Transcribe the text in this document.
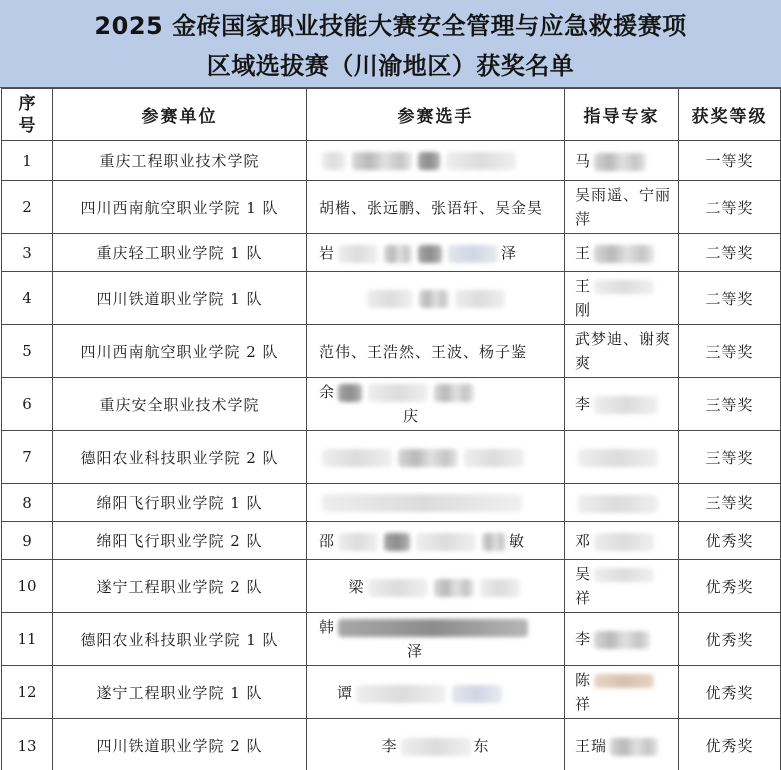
2025 金砖国家职业技能大赛安全管理与应急救援赛项
区域选拔赛（川渝地区）获奖名单
序号	参赛单位	参赛选手	指导专家	获奖等级
1	重庆工程职业技术学院		马	一等奖
2	四川西南航空职业学院 1 队	胡楷、张远鹏、张语轩、吴金昊	吴雨遥、宁丽
萍	二等奖
3	重庆轻工职业学院 1 队	岩 泽	王	二等奖
4	四川铁道职业学院 1 队		王
刚	二等奖
5	四川西南航空职业学院 2 队	范伟、王浩然、王波、杨子鉴	武梦迪、谢爽
爽	三等奖
6	重庆安全职业技术学院	余
庆	李	三等奖
7	德阳农业科技职业学院 2 队			三等奖
8	绵阳飞行职业学院 1 队			三等奖
9	绵阳飞行职业学院 2 队	邵 敏	邓	优秀奖
10	遂宁工程职业学院 2 队	梁	吴
祥	优秀奖
11	德阳农业科技职业学院 1 队	韩
泽	李	优秀奖
12	遂宁工程职业学院 1 队	谭	陈
祥	优秀奖
13	四川铁道职业学院 2 队	李 东	王瑞	优秀奖
